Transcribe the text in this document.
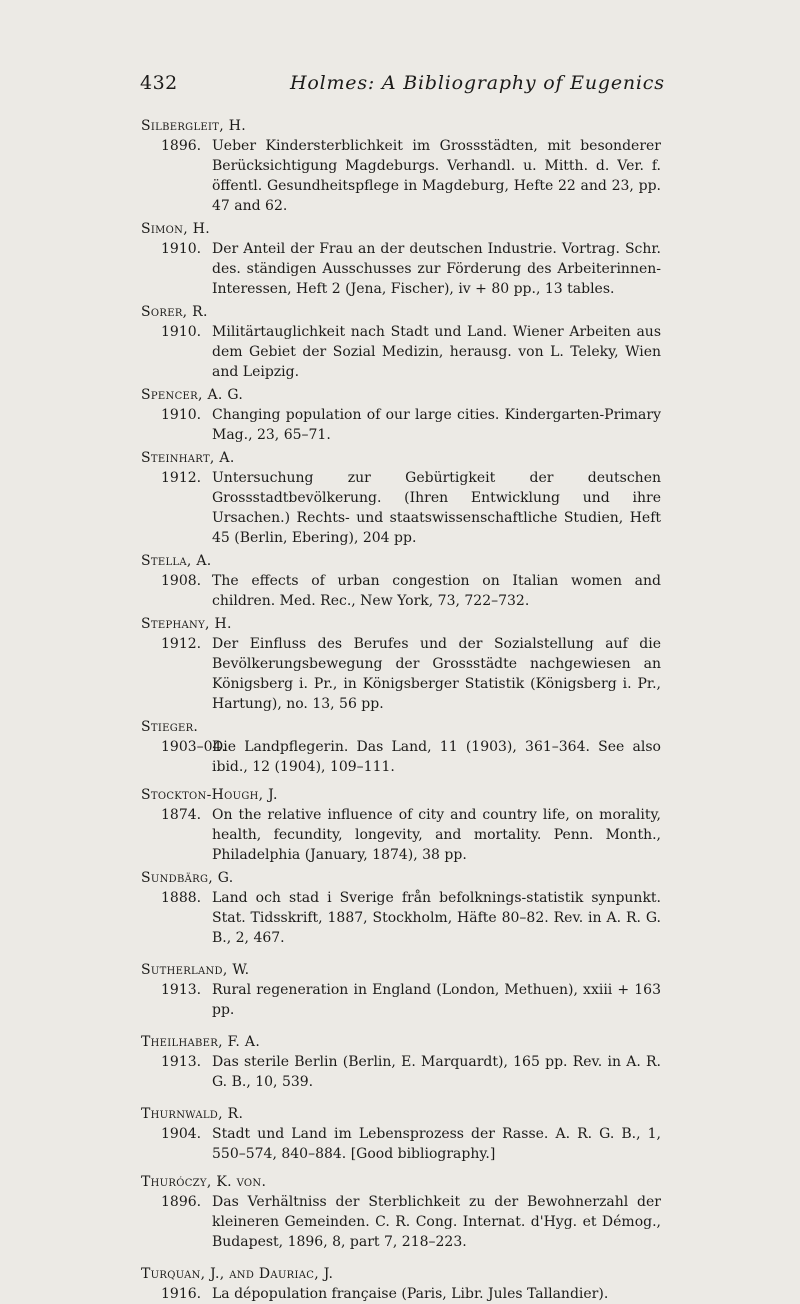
432	Holmes: A Bibliography of Eugenics
Silbergleit, H.
1896. Ueber Kindersterblichkeit im Grossstädten, mit besonderer Berücksichtigung Magdeburgs. Verhandl. u. Mitth. d. Ver. f. öffentl. Gesundheitspflege in Magdeburg, Hefte 22 and 23, pp. 47 and 62.
Simon, H.
1910. Der Anteil der Frau an der deutschen Industrie. Vortrag. Schr. des. ständigen Ausschusses zur Förderung des Arbeiterinnen-Interessen, Heft 2 (Jena, Fischer), iv + 80 pp., 13 tables.
Sorer, R.
1910. Militärtauglichkeit nach Stadt und Land. Wiener Arbeiten aus dem Gebiet der Sozial Medizin, herausg. von L. Teleky, Wien and Leipzig.
Spencer, A. G.
1910. Changing population of our large cities. Kindergarten-Primary Mag., 23, 65–71.
Steinhart, A.
1912. Untersuchung zur Gebürtigkeit der deutschen Grossstadtbevölkerung. (Ihren Entwicklung und ihre Ursachen.) Rechts- und staatswissenschaftliche Studien, Heft 45 (Berlin, Ebering), 204 pp.
Stella, A.
1908. The effects of urban congestion on Italian women and children. Med. Rec., New York, 73, 722–732.
Stephany, H.
1912. Der Einfluss des Berufes und der Sozialstellung auf die Bevölkerungsbewegung der Grossstädte nachgewiesen an Königsberg i. Pr., in Königsberger Statistik (Königsberg i. Pr., Hartung), no. 13, 56 pp.
Stieger.
1903–04.
Die Landpflegerin. Das Land, 11 (1903), 361–364. See also ibid., 12 (1904), 109–111.
Stockton-Hough, J.
1874. On the relative influence of city and country life, on morality, health, fecundity, longevity, and mortality. Penn. Month., Philadelphia (January, 1874), 38 pp.
Sundbärg, G.
1888. Land och stad i Sverige från befolknings-statistik synpunkt. Stat. Tidsskrift, 1887, Stockholm, Häfte 80–82. Rev. in A. R. G. B., 2, 467.
Sutherland, W.
1913. Rural regeneration in England (London, Methuen), xxiii + 163 pp.
Theilhaber, F. A.
1913. Das sterile Berlin (Berlin, E. Marquardt), 165 pp. Rev. in A. R. G. B., 10, 539.
Thurnwald, R.
1904. Stadt und Land im Lebensprozess der Rasse. A. R. G. B., 1, 550–574, 840–884. [Good bibliography.]
Thuróczy, K. von.
1896. Das Verhältniss der Sterblichkeit zu der Bewohnerzahl der kleineren Gemeinden. C. R. Cong. Internat. d'Hyg. et Démog., Budapest, 1896, 8, part 7, 218–223.
Turquan, J., and Dauriac, J.
1916. La dépopulation française (Paris, Libr. Jules Tallandier).
